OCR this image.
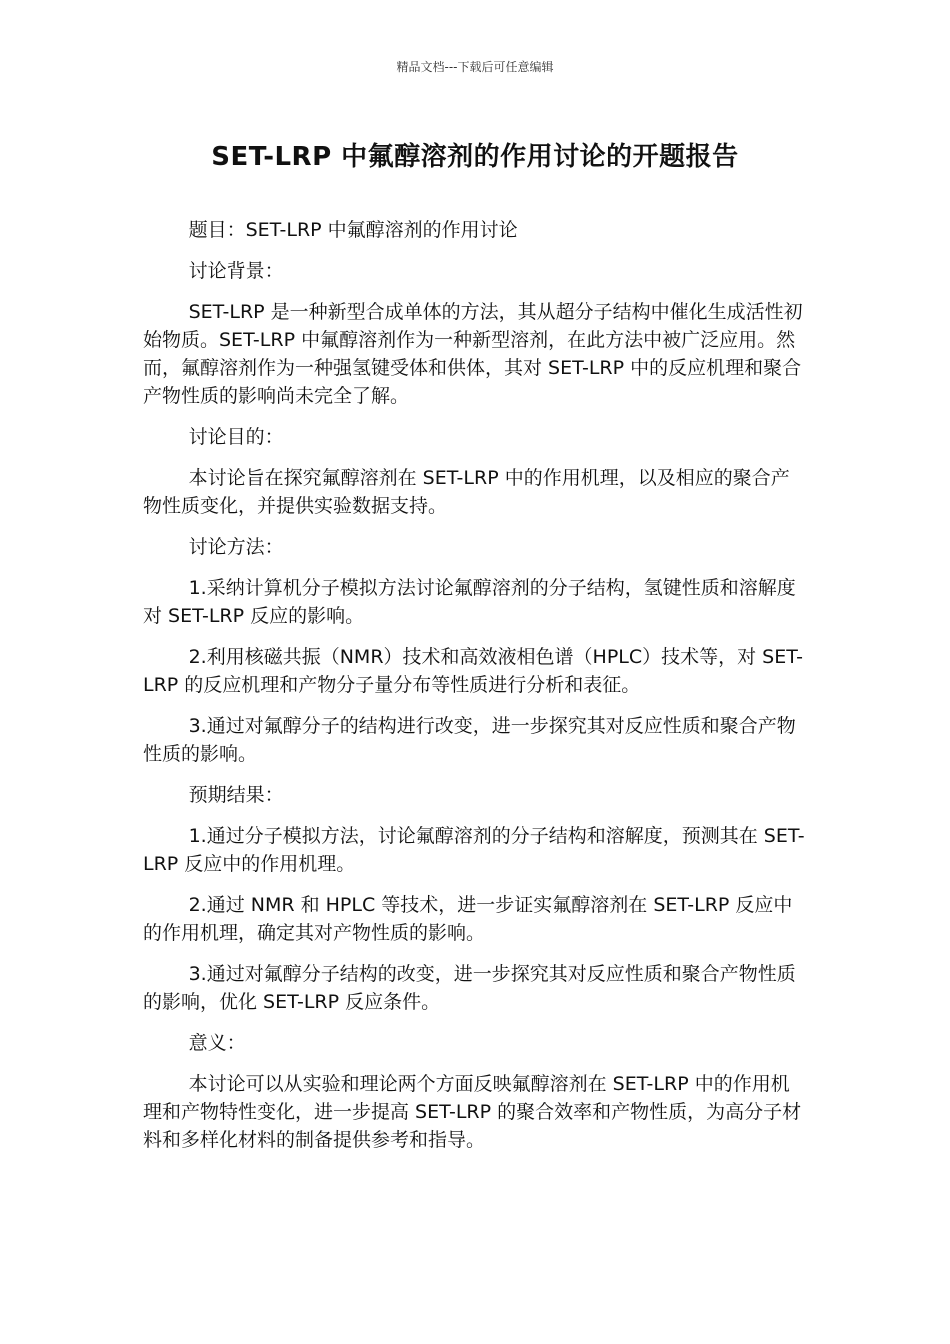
精品文档---下载后可任意编辑
SET-LRP 中氟醇溶剂的作用讨论的开题报告

题目：SET-LRP 中氟醇溶剂的作用讨论

讨论背景：

SET-LRP 是一种新型合成单体的方法，其从超分子结构中催化生成活性初始物质。SET-LRP 中氟醇溶剂作为一种新型溶剂，在此方法中被广泛应用。然而，氟醇溶剂作为一种强氢键受体和供体，其对 SET-LRP 中的反应机理和聚合产物性质的影响尚未完全了解。

讨论目的：

本讨论旨在探究氟醇溶剂在 SET-LRP 中的作用机理，以及相应的聚合产物性质变化，并提供实验数据支持。

讨论方法：

1.采纳计算机分子模拟方法讨论氟醇溶剂的分子结构，氢键性质和溶解度对 SET-LRP 反应的影响。

2.利用核磁共振（NMR）技术和高效液相色谱（HPLC）技术等，对 SET-LRP 的反应机理和产物分子量分布等性质进行分析和表征。

3.通过对氟醇分子的结构进行改变，进一步探究其对反应性质和聚合产物性质的影响。

预期结果：

1.通过分子模拟方法，讨论氟醇溶剂的分子结构和溶解度，预测其在 SET-LRP 反应中的作用机理。

2.通过 NMR 和 HPLC 等技术，进一步证实氟醇溶剂在 SET-LRP 反应中的作用机理，确定其对产物性质的影响。

3.通过对氟醇分子结构的改变，进一步探究其对反应性质和聚合产物性质的影响，优化 SET-LRP 反应条件。

意义：

本讨论可以从实验和理论两个方面反映氟醇溶剂在 SET-LRP 中的作用机理和产物特性变化，进一步提高 SET-LRP 的聚合效率和产物性质，为高分子材料和多样化材料的制备提供参考和指导。
